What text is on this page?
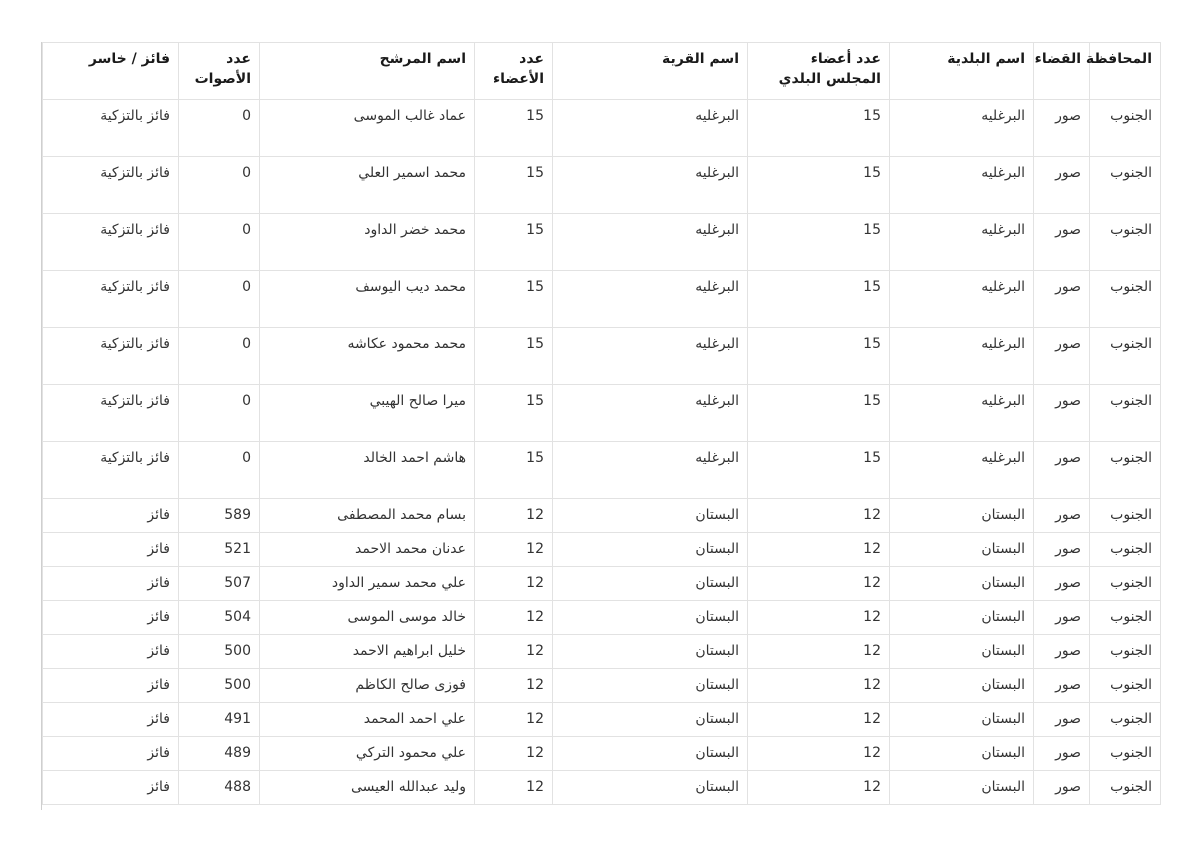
المحافظة	القضاء	اسم البلدية	عدد أعضاء المجلس البلدي	اسم القرية	عدد الأعضاء	اسم المرشح	عدد الأصوات	فائز / خاسر
الجنوب	صور	البرغليه	15	البرغليه	15	عماد غالب الموسى	0	فائز بالتزكية
الجنوب	صور	البرغليه	15	البرغليه	15	محمد اسمير العلي	0	فائز بالتزكية
الجنوب	صور	البرغليه	15	البرغليه	15	محمد خضر الداود	0	فائز بالتزكية
الجنوب	صور	البرغليه	15	البرغليه	15	محمد ديب اليوسف	0	فائز بالتزكية
الجنوب	صور	البرغليه	15	البرغليه	15	محمد محمود عكاشه	0	فائز بالتزكية
الجنوب	صور	البرغليه	15	البرغليه	15	ميرا صالح الهيبي	0	فائز بالتزكية
الجنوب	صور	البرغليه	15	البرغليه	15	هاشم احمد الخالد	0	فائز بالتزكية
الجنوب	صور	البستان	12	البستان	12	بسام محمد المصطفى	589	فائز
الجنوب	صور	البستان	12	البستان	12	عدنان محمد الاحمد	521	فائز
الجنوب	صور	البستان	12	البستان	12	علي محمد سمير الداود	507	فائز
الجنوب	صور	البستان	12	البستان	12	خالد موسى الموسى	504	فائز
الجنوب	صور	البستان	12	البستان	12	خليل ابراهيم الاحمد	500	فائز
الجنوب	صور	البستان	12	البستان	12	فوزى صالح الكاظم	500	فائز
الجنوب	صور	البستان	12	البستان	12	علي احمد المحمد	491	فائز
الجنوب	صور	البستان	12	البستان	12	علي محمود التركي	489	فائز
الجنوب	صور	البستان	12	البستان	12	وليد عبدالله العيسى	488	فائز
